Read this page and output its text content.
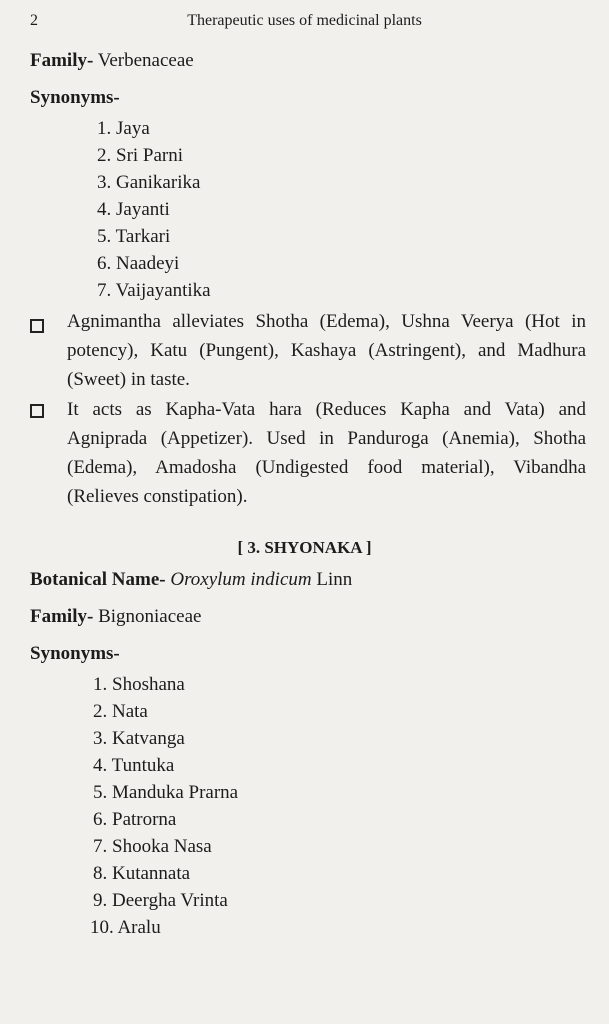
2	Therapeutic uses of medicinal plants
Family- Verbenaceae
Synonyms-
1. Jaya
2. Sri Parni
3. Ganikarika
4. Jayanti
5. Tarkari
6. Naadeyi
7. Vaijayantika
Agnimantha alleviates Shotha (Edema), Ushna Veerya (Hot in potency), Katu (Pungent), Kashaya (Astringent), and Madhura (Sweet) in taste.
It acts as Kapha-Vata hara (Reduces Kapha and Vata) and Agniprada (Appetizer). Used in Panduroga (Anemia), Shotha (Edema), Amadosha (Undigested food material), Vibandha (Relieves constipation).
[ 3. SHYONAKA ]
Botanical Name- Oroxylum indicum Linn
Family- Bignoniaceae
Synonyms-
1. Shoshana
2. Nata
3. Katvanga
4. Tuntuka
5. Manduka Prarna
6. Patrorna
7. Shooka Nasa
8. Kutannata
9. Deergha Vrinta
10. Aralu
